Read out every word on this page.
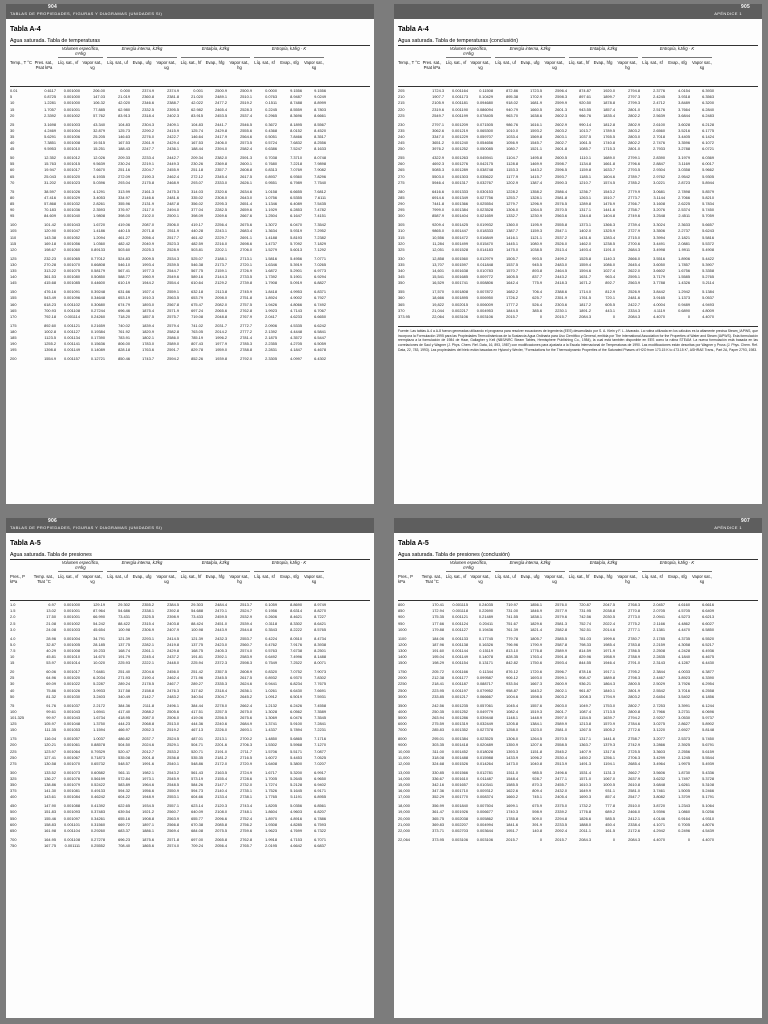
904
TABLAS DE PROPIEDADES, FIGURAS Y DIAGRAMAS (UNIDADES SI)
Tabla A-4
Agua saturada. Tabla de temperaturas
Volumen específico, m³/kg
Energía interna, kJ/kg	Entalpía, kJ/kg	Entropía, kJ/kg · K
Temp., T °C Pres. sat., Psat kPa
Líq. sat., vf	Vapor sat., vg
Líq. sat., uf	Evap., ufg	Vapor sat., ug
Líq. sat., hf	Evap., hfg	Vapor sat., hg
Líq. sat., sf	Evap., sfg	Vapor sat., sg
0.01	0.6117	0.001000	206.00	0.000	2374.9	2374.9	0.001	2500.9	2500.9	0.0000	9.1556	9.1556
5	0.8725	0.001000	147.03	21.019	2360.8	2381.8	21.020	2489.1	2510.1	0.0763	8.9487	9.0249
10	1.2281	0.001000	106.32	42.020	2346.6	2388.7	42.022	2477.2	2519.2	0.1511	8.7488	8.8999
15	1.7057	0.001001	77.885	62.980	2332.5	2395.5	62.982	2465.4	2528.3	0.2245	8.5559	8.7803
20	2.3392	0.001002	57.762	83.913	2318.4	2402.3	83.915	2453.5	2537.4	0.2965	8.3696	8.6661
25	3.1698	0.001003	43.340	104.83	2304.3	2409.1	104.83	2441.7	2546.5	0.3672	8.1895	8.5567
30	4.2469	0.001004	32.879	125.73	2290.2	2415.9	125.74	2429.8	2555.6	0.4368	8.0152	8.4520
35	5.6291	0.001006	25.205	146.63	2276.0	2422.7	146.64	2417.9	2564.6	0.5051	7.8466	8.3517
40	7.3851	0.001008	19.515	167.53	2261.9	2429.4	167.53	2406.0	2573.5	0.5724	7.6832	8.2556
45	9.5953	0.001010	15.251	188.43	2247.7	2436.1	188.44	2394.0	2582.4	0.6386	7.5247	8.1633
50	12.352	0.001012	12.026	209.33	2233.4	2442.7	209.34	2382.0	2591.3	0.7038	7.3710	8.0748
55	15.763	0.001015	9.5639	230.24	2219.1	2449.3	230.26	2369.8	2600.1	0.7680	7.2218	7.9898
60	19.947	0.001017	7.6670	251.16	2204.7	2455.9	251.18	2357.7	2608.8	0.8313	7.0769	7.9082
65	25.043	0.001020	6.1935	272.09	2190.3	2462.4	272.12	2345.4	2617.5	0.8937	6.9360	7.8296
70	31.202	0.001023	5.0396	293.04	2175.8	2468.9	293.07	2333.0	2626.1	0.9551	6.7989	7.7540
75	38.597	0.001026	4.1291	313.99	2161.3	2475.3	314.03	2320.6	2634.6	1.0158	6.6655	7.6812
80	47.416	0.001029	3.4053	334.97	2146.6	2481.6	335.02	2308.0	2643.0	1.0756	6.5355	7.6111
85	57.868	0.001032	2.8261	355.96	2131.9	2487.8	356.02	2295.3	2651.4	1.1346	6.4089	7.5435
90	70.183	0.001036	2.3593	376.97	2117.0	2494.0	377.04	2282.5	2659.6	1.1929	6.2853	7.4782
95	84.609	0.001040	1.9808	398.00	2102.0	2500.1	398.09	2269.6	2667.6	1.2504	6.1647	7.4151
100	101.42	0.001043	1.6720	419.06	2087.0	2506.0	419.17	2256.4	2675.6	1.3072	6.0470	7.3542
105	120.90	0.001047	1.4186	440.15	2071.8	2511.9	440.28	2243.1	2683.4	1.3634	5.9319	7.2952
110	143.38	0.001052	1.2094	461.27	2056.4	2517.7	461.42	2229.7	2691.1	1.4188	5.8193	7.2382
115	169.18	0.001056	1.0360	482.42	2040.9	2523.3	482.59	2216.0	2698.6	1.4737	5.7092	7.1829
120	198.67	0.001060	0.89133	503.60	2025.3	2528.9	503.81	2202.1	2706.0	1.5279	5.6013	7.1292
125	232.23	0.001065	0.77012	524.83	2009.5	2534.3	525.07	2188.1	2713.1	1.5816	5.4956	7.0771
130	270.28	0.001070	0.66808	546.10	1993.4	2539.5	546.38	2173.7	2720.1	1.6346	5.3919	7.0265
135	313.22	0.001075	0.58179	567.41	1977.3	2544.7	567.75	2159.1	2726.9	1.6872	5.2901	6.9773
140	361.53	0.001080	0.50850	588.77	1960.9	2549.6	589.16	2144.3	2733.5	1.7392	5.1901	6.9294
145	415.68	0.001085	0.44600	610.19	1944.2	2554.4	610.64	2129.2	2739.8	1.7908	5.0919	6.8827
150	476.16	0.001091	0.39248	631.66	1927.4	2559.1	632.18	2113.8	2745.9	1.8418	4.9953	6.8371
155	543.49	0.001096	0.34648	653.19	1910.3	2563.5	653.79	2098.0	2751.8	1.8924	4.9002	6.7927
160	618.23	0.001102	0.30680	674.79	1893.0	2567.8	675.47	2082.0	2757.5	1.9426	4.8066	6.7492
165	700.93	0.001108	0.27244	696.46	1875.4	2571.9	697.24	2065.6	2762.8	1.9923	4.7143	6.7067
170	792.18	0.001114	0.24260	718.20	1857.5	2575.7	719.08	2048.8	2767.9	2.0417	4.6233	6.6650
175	892.60	0.001121	0.21659	740.02	1839.4	2579.4	741.02	2031.7	2772.7	2.0906	4.5335	6.6242
180	1002.8	0.001127	0.19384	761.92	1820.9	2582.8	763.05	2014.2	2777.2	2.1392	4.4448	6.5841
185	1123.5	0.001134	0.17390	783.91	1802.1	2586.0	785.19	1996.2	2781.4	2.1875	4.3572	6.5447
190	1255.2	0.001141	0.15636	806.00	1783.0	2589.0	807.43	1977.9	2785.3	2.2355	4.2705	6.5059
195	1398.8	0.001149	0.14089	828.18	1763.6	2591.7	829.78	1959.0	2788.8	2.2831	4.1847	6.4678
200	1554.9	0.001157	0.12721	850.46	1743.7	2594.2	852.26	1939.8	2792.0	2.3305	4.0997	6.4302
APÉNDICE 1
905
Tabla A-4
Agua saturada. Tabla de temperaturas (conclusión)
Volumen específico, m³/kg
Energía interna, kJ/kg	Entalpía, kJ/kg	Entropía, kJ/kg · K
Temp., T °C Pres. sat., Psat kPa
Líq. sat., vf	Vapor sat., vg
Líq. sat., uf	Evap., ufg	Vapor sat., ug
Líq. sat., hf	Evap., hfg	Vapor sat., hg
Líq. sat., sf	Evap., sfg	Vapor sat., sg
205	1724.3	0.001164	0.11508	872.86	1723.5	2596.4	874.87	1920.0	2794.8	2.3776	4.0154	6.3930
210	1907.7	0.001173	0.10429	895.38	1702.9	2598.3	897.61	1899.7	2797.3	2.4245	3.9318	6.3563
215	2105.9	0.001181	0.094680	918.02	1681.9	2599.9	920.50	1878.8	2799.3	2.4712	3.8489	6.3200
220	2319.6	0.001190	0.086094	940.79	1660.5	2601.3	943.55	1857.4	2801.0	2.5176	3.7664	6.2840
225	2549.7	0.001199	0.078405	963.70	1638.6	2602.3	966.76	1835.4	2802.2	2.5639	3.6844	6.2483
230	2797.1	0.001209	0.071505	986.76	1616.1	2602.9	990.14	1812.8	2802.9	2.6100	3.6028	6.2128
235	3062.6	0.001219	0.065300	1010.0	1593.2	2603.2	1013.7	1789.5	2803.2	2.6560	3.5216	6.1775
240	3347.0	0.001229	0.059707	1033.4	1569.8	2603.1	1037.5	1765.5	2803.0	2.7018	3.4405	6.1424
245	3651.2	0.001240	0.054656	1056.9	1545.7	2602.7	1061.5	1740.8	2802.2	2.7476	3.3596	6.1072
250	3976.2	0.001252	0.050085	1080.7	1521.1	2601.8	1085.7	1715.3	2801.0	2.7933	3.2788	6.0721
255	4322.9	0.001263	0.045941	1104.7	1495.8	2600.5	1110.1	1689.0	2799.1	2.8390	3.1979	6.0369
260	4692.3	0.001276	0.042175	1128.8	1469.9	2598.7	1134.8	1661.8	2796.6	2.8847	3.1169	6.0017
265	5085.3	0.001289	0.038748	1153.3	1443.2	2596.5	1159.8	1633.7	2793.5	2.9304	3.0358	5.9662
270	5503.0	0.001303	0.035622	1177.9	1415.7	2593.7	1185.1	1604.6	2789.7	2.9762	2.9542	5.9305
275	5946.4	0.001317	0.032767	1202.9	1387.4	2590.3	1210.7	1574.5	2785.2	3.0221	2.8723	5.8944
280	6416.6	0.001333	0.030153	1228.2	1358.2	2586.4	1236.7	1543.2	2779.9	3.0681	2.7898	5.8579
285	6914.6	0.001349	0.027756	1253.7	1328.1	2581.8	1263.1	1510.7	2773.7	3.1144	2.7066	5.8210
290	7441.8	0.001366	0.025554	1279.7	1296.9	2576.5	1289.8	1476.9	2766.7	3.1608	2.6225	5.7834
295	7999.0	0.001384	0.023528	1306.0	1264.5	2570.5	1317.1	1441.6	2758.7	3.2076	2.5374	5.7450
300	8587.9	0.001404	0.021659	1332.7	1230.9	2563.6	1344.8	1404.8	2749.6	3.2548	2.4511	5.7059
305	9209.4	0.001425	0.019932	1360.0	1195.9	2555.8	1373.1	1366.3	2739.4	3.3024	2.3633	5.6657
310	9865.0	0.001447	0.018333	1387.7	1159.3	2547.1	1402.0	1325.9	2727.9	3.3506	2.2737	5.6243
315	10,556	0.001472	0.016849	1416.1	1121.1	2537.2	1431.6	1283.4	2715.0	3.3994	2.1821	5.5816
320	11,284	0.001499	0.015470	1445.1	1080.9	2526.0	1462.0	1238.5	2700.6	3.4491	2.0881	5.5372
325	12,051	0.001528	0.014183	1475.0	1038.5	2513.4	1493.4	1191.0	2684.3	3.4998	1.9911	5.4908
330	12,858	0.001560	0.012979	1505.7	993.5	2499.2	1525.8	1140.3	2666.0	3.5516	1.8906	5.4422
335	13,707	0.001597	0.011848	1537.5	945.5	2483.0	1559.4	1086.0	2645.4	3.6050	1.7857	5.3907
340	14,601	0.001638	0.010783	1570.7	893.8	2464.5	1594.6	1027.4	2622.0	3.6602	1.6756	5.3358
345	15,541	0.001685	0.009772	1605.5	837.7	2443.2	1631.7	963.4	2595.1	3.7179	1.5585	5.2765
350	16,529	0.001741	0.008806	1642.4	775.9	2418.3	1671.2	892.7	2563.9	3.7788	1.4326	5.2114
355	17,570	0.001808	0.007872	1682.2	706.4	2388.6	1714.0	812.9	2526.9	3.8442	1.2942	5.1384
360	18,666	0.001895	0.006950	1726.2	625.7	2351.9	1761.5	720.1	2481.6	3.9165	1.1373	5.0537
365	19,822	0.002015	0.006009	1777.2	526.4	2303.6	1817.2	605.5	2422.7	4.0004	0.9489	4.9493
370	21,044	0.002217	0.004953	1844.5	385.6	2230.1	1891.2	443.1	2334.3	4.1119	0.6890	4.8009
373.95	22,064	0.003106	0.003106	2015.7	0	2015.7	2084.3	0	2084.3	4.4070	0	4.4070
Fuente: Las tablas A-4 a A-8 fueron generadas utilizando el programa para resolver ecuaciones de ingeniería (EES) desarrollado por S. A. Klein y F. L. Alvarado. La rutina utilizada en los cálculos es la altamente precisa Steam_IAPWS, que incorpora la Formulación 1995 para las Propiedades Termodinámicas de la Sustancia Agua Ordinaria para Uso Científico y General, emitida por The International Association for the Properties of Water and Steam (IAPWS). Esta formulación reemplaza a la formulación de 1984 de Haar, Gallagher y Kell (NBS/NRC Steam Tables, Hemisphere Publishing Co., 1984), la cual está también disponible en EES como la rutina STEAM. La nueva formulación está basada en las correlaciones de Saul y Wagner (J. Phys. Chem. Ref. Data, 16, 893, 1987) con modificaciones para ajustarla a la Escala Internacional de Temperaturas de 1990. Las modificaciones están descritas por Wagner y Pruss (J. Phys. Chem. Ref. Data, 22, 783, 1993). Las propiedades del hielo están basadas en Hyland y Wexler, "Formulations for the Thermodynamic Properties of the Saturated Phases of H2O from 173.15 K to 473.15 K", ASHRAE Trans., Part 2A, Paper 2793, 1983.
906
TABLAS DE PROPIEDADES, FIGURAS Y DIAGRAMAS (UNIDADES SI)
Tabla A-5
Agua saturada. Tabla de presiones
Volumen específico, m³/kg
Energía interna, kJ/kg	Entalpía, kJ/kg	Entropía, kJ/kg · K
Pres., P kPa
Temp. sat., Tsat °C
Líq. sat., vf	Vapor sat., vg
Líq. sat., uf	Evap., ufg	Vapor sat., ug
Líq. sat., hf	Evap., hfg	Vapor sat., hg
Líq. sat., sf	Evap., sfg	Vapor sat., sg
1.0	6.97	0.001000	129.19	29.302	2355.2	2384.5	29.303	2484.4	2513.7	0.1059	8.8690	8.9749
1.5	13.02	0.001001	87.964	54.686	2338.1	2392.8	54.688	2470.1	2524.7	0.1956	8.6314	8.8270
2.0	17.50	0.001001	66.990	73.431	2325.5	2398.9	73.433	2459.5	2532.9	0.2606	8.4621	8.7227
2.5	21.08	0.001002	54.242	88.422	2315.4	2403.8	88.424	2451.0	2539.4	0.3118	8.3302	8.6421
3.0	24.08	0.001003	45.654	100.98	2306.9	2407.9	100.98	2443.9	2544.8	0.3543	8.2222	8.5765
4.0	28.96	0.001004	34.791	121.39	2293.1	2414.5	121.39	2432.3	2553.7	0.4224	8.0510	8.4734
5.0	32.87	0.001005	28.185	137.75	2282.1	2419.8	137.75	2423.0	2560.7	0.4762	7.9176	8.3938
7.5	40.29	0.001008	19.233	168.74	2261.1	2429.8	168.75	2405.3	2574.0	0.5763	7.6738	8.2501
10	45.81	0.001010	14.670	191.79	2245.4	2437.2	191.81	2392.1	2583.9	0.6492	7.4996	8.1488
15	53.97	0.001014	10.020	225.93	2222.1	2448.0	225.94	2372.3	2598.3	0.7549	7.2522	8.0071
20	60.06	0.001017	7.6481	251.40	2204.6	2456.0	251.42	2357.5	2608.9	0.8320	7.0752	7.9073
25	64.96	0.001020	6.2034	271.93	2190.4	2462.4	271.96	2345.5	2617.5	0.8932	6.9370	7.8302
30	69.09	0.001022	5.2287	289.24	2178.5	2467.7	289.27	2335.3	2624.6	0.9441	6.8234	7.7675
40	75.86	0.001026	3.9933	317.58	2158.8	2476.3	317.62	2318.4	2636.1	1.0261	6.6430	7.6691
50	81.32	0.001030	3.2403	340.49	2142.7	2483.2	340.54	2304.7	2645.2	1.0912	6.5019	7.5931
75	91.76	0.001037	2.2172	384.36	2111.8	2496.1	384.44	2278.0	2662.4	1.2132	6.2426	7.4558
100	99.61	0.001043	1.6941	417.40	2088.2	2505.6	417.51	2257.5	2675.0	1.3028	6.0562	7.3589
101.325	99.97	0.001043	1.6734	418.95	2087.0	2506.0	419.06	2256.5	2675.6	1.3069	6.0476	7.3545
125	105.97	0.001048	1.3750	444.23	2068.8	2513.0	444.36	2240.6	2684.9	1.3741	5.9100	7.2841
150	111.35	0.001053	1.1594	466.97	2052.3	2519.2	467.13	2226.0	2693.1	1.4337	5.7894	7.2231
175	116.04	0.001057	1.0037	486.82	2037.7	2524.5	487.01	2213.1	2700.2	1.4850	5.6865	7.1716
200	120.21	0.001061	0.88578	504.50	2024.6	2529.1	504.71	2201.6	2706.3	1.5302	5.5968	7.1270
225	123.97	0.001064	0.79329	520.47	2012.7	2533.2	520.71	2191.0	2711.7	1.5706	5.5171	7.0877
250	127.41	0.001067	0.71873	535.08	2001.8	2536.8	535.35	2181.2	2716.5	1.6072	5.4453	7.0525
275	130.58	0.001070	0.65732	548.57	1991.6	2540.1	548.86	2172.0	2720.9	1.6408	5.3800	7.0207
300	133.52	0.001073	0.60582	561.11	1982.1	2543.2	561.43	2163.5	2724.9	1.6717	5.3200	6.9917
325	136.27	0.001076	0.56199	572.84	1973.1	2545.9	573.19	2155.4	2728.6	1.7005	5.2645	6.9650
350	138.86	0.001079	0.52422	583.89	1964.6	2548.5	584.26	2147.7	2732.0	1.7274	5.2128	6.9402
375	141.30	0.001081	0.49133	594.32	1956.6	2550.9	594.73	2140.4	2735.1	1.7526	5.1645	6.9171
400	143.61	0.001084	0.46242	604.22	1948.9	2553.1	604.66	2133.4	2738.1	1.7765	5.1191	6.8955
450	147.90	0.001088	0.41392	622.65	1934.5	2557.1	623.14	2120.3	2743.4	1.8205	5.0356	6.8561
500	151.83	0.001093	0.37483	639.54	1921.2	2560.7	640.09	2108.0	2748.1	1.8604	4.9603	6.8207
550	155.46	0.001097	0.34261	655.16	1908.8	2563.9	655.77	2096.6	2752.4	1.8970	4.8916	6.7886
600	158.83	0.001101	0.31560	669.72	1897.1	2566.8	670.38	2085.8	2756.2	1.9308	4.8285	6.7593
650	161.98	0.001104	0.29260	683.37	1886.1	2569.4	684.08	2075.5	2759.6	1.9623	4.7699	6.7322
700	164.95	0.001108	0.27278	696.23	1875.6	2571.8	697.00	2065.8	2762.8	1.9918	4.7153	6.7071
750	167.75	0.001111	0.25552	708.40	1865.6	2574.0	709.24	2056.4	2765.7	2.0195	4.6642	6.6837
APÉNDICE 1
907
Tabla A-5
Agua saturada. Tabla de presiones (conclusión)
Volumen específico, m³/kg
Energía interna, kJ/kg	Entalpía, kJ/kg	Entropía, kJ/kg · K
Pres., P kPa
Temp. sat., Tsat °C
Líq. sat., vf	Vapor sat., vg
Líq. sat., uf	Evap., ufg	Vapor sat., ug
Líq. sat., hf	Evap., hfg	Vapor sat., hg
Líq. sat., sf	Evap., sfg	Vapor sat., sg
800	170.41	0.001115	0.24035	719.97	1856.1	2576.0	720.87	2047.5	2768.3	2.0457	4.6160	6.6616
850	172.94	0.001118	0.22690	731.00	1846.9	2577.9	731.95	2038.8	2770.8	2.0705	4.5705	6.6409
900	175.35	0.001121	0.21489	741.55	1838.1	2579.6	742.56	2030.5	2773.0	2.0941	4.5273	6.6213
950	177.66	0.001124	0.20411	751.67	1829.6	2581.3	752.74	2022.4	2775.2	2.1166	4.4862	6.6027
1000	179.88	0.001127	0.19436	761.39	1821.4	2582.8	762.51	2014.6	2777.1	2.1381	4.4470	6.5850
1100	184.06	0.001133	0.17745	779.78	1805.7	2585.5	781.03	1999.6	2780.7	2.1785	4.3735	6.5520
1200	187.96	0.001138	0.16326	796.96	1790.9	2587.8	798.33	1985.4	2783.8	2.2159	4.3058	6.5217
1300	191.60	0.001144	0.15119	813.10	1776.8	2589.9	814.59	1971.9	2786.5	2.2508	4.2428	6.4936
1400	195.04	0.001149	0.14078	828.35	1763.4	2591.8	829.96	1958.9	2788.9	2.2835	4.1840	6.4675
1500	198.29	0.001154	0.13171	842.82	1750.6	2593.4	844.55	1946.4	2791.0	2.3143	4.1287	6.4430
1750	205.72	0.001166	0.11344	876.12	1720.6	2596.7	878.16	1917.1	2795.2	2.3844	4.0033	6.3877
2000	212.38	0.001177	0.099587	906.12	1693.0	2599.1	908.47	1889.8	2798.3	2.4467	3.8923	6.3390
2250	218.41	0.001187	0.088717	933.54	1667.3	2600.9	936.21	1864.3	2800.5	2.5029	3.7926	6.2954
2500	223.95	0.001197	0.079952	958.87	1643.2	2602.1	961.87	1840.1	2801.9	2.5542	3.7016	6.2558
3000	233.85	0.001217	0.066667	1004.6	1598.5	2603.2	1008.3	1794.9	2803.2	2.6454	3.5402	6.1856
3500	242.56	0.001235	0.057061	1045.4	1557.6	2603.0	1049.7	1753.0	2802.7	2.7253	3.3991	6.1244
4000	250.35	0.001252	0.049779	1082.4	1519.3	2601.7	1087.4	1713.5	2800.8	2.7966	3.2731	6.0696
5000	263.94	0.001286	0.039448	1148.1	1448.9	2597.0	1154.5	1639.7	2794.2	2.9207	3.0530	5.9737
6000	275.59	0.001319	0.032449	1205.8	1384.1	2589.9	1213.8	1570.9	2784.6	3.0275	2.8627	5.8902
7000	285.83	0.001352	0.027378	1258.0	1323.0	2581.0	1267.5	1505.2	2772.6	3.1220	2.6927	5.8148
8000	295.01	0.001384	0.023525	1306.0	1264.5	2570.5	1317.1	1441.6	2758.7	3.2077	2.5373	5.7450
9000	303.35	0.001418	0.020489	1350.9	1207.6	2558.5	1363.7	1379.3	2742.9	3.2866	2.3925	5.6791
10,000	311.00	0.001452	0.018028	1393.3	1151.8	2545.2	1407.9	1317.6	2725.5	3.3603	2.2556	5.6159
11,000	318.08	0.001488	0.015988	1433.9	1096.2	2530.4	1450.2	1256.1	2706.3	3.4299	2.1245	5.5544
12,000	324.68	0.001526	0.014264	1473.0	1040.8	2513.9	1491.3	1194.1	2685.4	3.4964	1.9975	5.4939
13,000	330.85	0.001566	0.012781	1511.0	985.5	2496.6	1531.4	1131.3	2662.7	3.5606	1.8730	5.4336
14,000	336.67	0.001610	0.011487	1548.4	928.7	2477.1	1571.0	1067.0	2637.9	3.6232	1.7497	5.3728
15,000	342.16	0.001657	0.010341	1585.5	870.3	2455.7	1610.3	1000.5	2610.8	3.6848	1.6261	5.3108
16,000	347.36	0.001710	0.009312	1622.6	809.4	2432.0	1649.9	931.1	2581.0	3.7461	1.5005	5.2466
17,000	352.29	0.001770	0.008374	1660.2	745.1	2405.4	1690.3	857.4	2547.7	3.8082	1.3709	5.1791
18,000	356.99	0.001840	0.007504	1699.1	675.9	2375.0	1732.2	777.8	2510.0	3.8720	1.2343	5.1064
19,000	361.47	0.001926	0.006677	1740.3	598.9	2339.2	1776.8	689.2	2466.0	3.9396	1.0860	5.0256
20,000	365.75	0.002038	0.005862	1785.8	509.0	2294.8	1826.6	585.5	2412.1	4.0146	0.9164	4.9310
21,000	369.83	0.002207	0.004994	1841.6	391.9	2233.5	1888.0	450.4	2338.4	4.1071	0.7005	4.8076
22,000	373.71	0.002703	0.003644	1951.7	140.8	2092.4	2011.1	161.5	2172.6	4.2942	0.2496	4.5439
22,064	373.95	0.003106	0.003106	2015.7	0	2015.7	2084.3	0	2084.3	4.4070	0	4.4070
